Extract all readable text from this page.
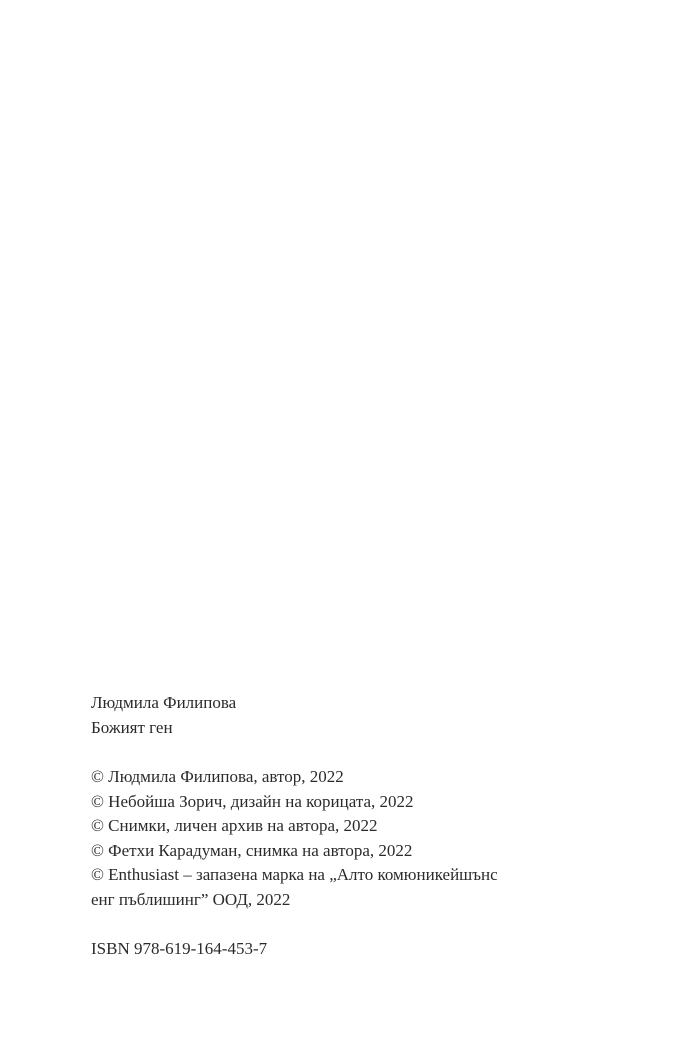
Людмила Филипова
Божият ген
© Людмила Филипова, автор, 2022
© Небойша Зорич, дизайн на корицата, 2022
© Снимки, личен архив на автора, 2022
© Фетхи Карадуман, снимка на автора, 2022
© Enthusiast – запазена марка на „Алто комюникейшънс
енг пъблишинг” ООД, 2022
ISBN 978-619-164-453-7
